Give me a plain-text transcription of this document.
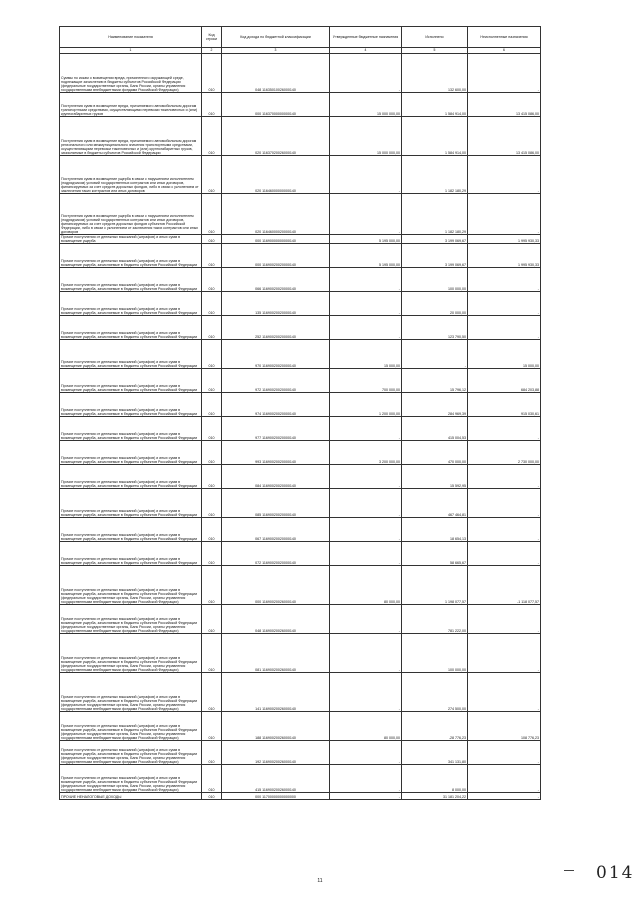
Наименование показателя	Код строки	Код дохода по бюджетной классификации	Утвержденные бюджетные назначения	Исполнено	Неисполненные назначения
1	2	3	4	5	6
Суммы по искам о возмещении вреда, причиненного окружающей среде, подлежащие зачислению в бюджеты субъектов Российской Федерации (федеральные государственные органы, Банк России, органы управления государственными внебюджетными фондами Российской Федерации)	010	048 11635010026000140	-	132 600,00	-
Поступления сумм в возмещение вреда, причиняемого автомобильным дорогам транспортными средствами, осуществляющими перевозки тяжеловесных и (или) крупногабаритных грузов	010	000 11637000000000140	15 000 000,00	1 584 914,00	13 415 086,00
Поступления сумм в возмещение вреда, причиняемого автомобильным дорогам регионального или межмуниципального значения транспортными средствами, осуществляющими перевозки тяжеловесных и (или) крупногабаритных грузов, зачисляемые в бюджеты субъектов Российской Федерации	010	020 11637020026000140	15 000 000,00	1 584 914,00	13 415 086,00
Поступления сумм в возмещение ущерба в связи с нарушением исполнителем (подрядчиком) условий государственных контрактов или иных договоров, финансируемых за счет средств дорожных фондов, либо в связи с уклонением от заключения таких контрактов или иных договоров	010	020 11646000000000140	-	1 182 180,29	-
Поступления сумм в возмещение ущерба в связи с нарушением исполнителем (подрядчиком) условий государственных контрактов или иных договоров, финансируемых за счет средств дорожных фондов субъектов Российской Федерации, либо в связи с уклонением от заключения таких контрактов или иных договоров	010	020 11646000020000140	-	1 182 180,29	-
Прочие поступления от денежных взысканий (штрафов) и иных сумм в возмещение ущерба	010	000 11690000000000140	5 195 000,00	3 199 069,67	1 995 930,33
Прочие поступления от денежных взысканий (штрафов) и иных сумм в возмещение ущерба, зачисляемые в бюджеты субъектов Российской Федерации	010	000 11690020020000140	5 195 000,00	3 199 069,67	1 995 930,33
Прочие поступления от денежных взысканий (штрафов) и иных сумм в возмещение ущерба, зачисляемые в бюджеты субъектов Российской Федерации	010	066 11690020020000140	-	100 000,00	-
Прочие поступления от денежных взысканий (штрафов) и иных сумм в возмещение ущерба, зачисляемые в бюджеты субъектов Российской Федерации	010	135 11690020020000140	-	20 000,00	-
Прочие поступления от денежных взысканий (штрафов) и иных сумм в возмещение ущерба, зачисляемые в бюджеты субъектов Российской Федерации	010	252 11690020020000140	-	123 790,50	-
Прочие поступления от денежных взысканий (штрафов) и иных сумм в возмещение ущерба, зачисляемые в бюджеты субъектов Российской Федерации	010	970 11690020020000140	15 000,00	-	15 000,00
Прочие поступления от денежных взысканий (штрафов) и иных сумм в возмещение ущерба, зачисляемые в бюджеты субъектов Российской Федерации	010	972 11690020020000140	700 000,00	15 796,12	684 203,88
Прочие поступления от денежных взысканий (штрафов) и иных сумм в возмещение ущерба, зачисляемые в бюджеты субъектов Российской Федерации	010	974 11690020020000140	1 200 000,00	284 969,39	915 030,61
Прочие поступления от денежных взысканий (штрафов) и иных сумм в возмещение ущерба, зачисляемые в бюджеты субъектов Российской Федерации	010	977 11690020020000140	-	415 004,53	-
Прочие поступления от денежных взысканий (штрафов) и иных сумм в возмещение ущерба, зачисляемые в бюджеты субъектов Российской Федерации	010	993 11690020020000140	3 200 000,00	470 000,00	2 730 000,00
Прочие поступления от денежных взысканий (штрафов) и иных сумм в возмещение ущерба, зачисляемые в бюджеты субъектов Российской Федерации	010	084 11690020020000140	-	15 592,95	-
Прочие поступления от денежных взысканий (штрафов) и иных сумм в возмещение ущерба, зачисляемые в бюджеты субъектов Российской Федерации	010	085 11690020020000140	-	467 464,81	-
Прочие поступления от денежных взысканий (штрафов) и иных сумм в возмещение ущерба, зачисляемые в бюджеты субъектов Российской Федерации	010	067 11690020020000140	-	18 654,13	-
Прочие поступления от денежных взысканий (штрафов) и иных сумм в возмещение ущерба, зачисляемые в бюджеты субъектов Российской Федерации	010	072 11690020020000140	-	58 665,67	-
Прочие поступления от денежных взысканий (штрафов) и иных сумм в возмещение ущерба, зачисляемые в бюджеты субъектов Российской Федерации (федеральные государственные органы, Банк России, органы управления государственными внебюджетными фондами Российской Федерации)	010	000 11690020026000140	80 000,00	1 198 077,57	-1 118 077,57
Прочие поступления от денежных взысканий (штрафов) и иных сумм в возмещение ущерба, зачисляемые в бюджеты субъектов Российской Федерации (федеральные государственные органы, Банк России, органы управления государственными внебюджетными фондами Российской Федерации)	010	048 11690020026000140	-	781 222,00	-
Прочие поступления от денежных взысканий (штрафов) и иных сумм в возмещение ущерба, зачисляемые в бюджеты субъектов Российской Федерации (федеральные государственные органы, Банк России, органы управления государственными внебюджетными фондами Российской Федерации)	010	081 11690020026000140	-	100 000,00	-
Прочие поступления от денежных взысканий (штрафов) и иных сумм в возмещение ущерба, зачисляемые в бюджеты субъектов Российской Федерации (федеральные государственные органы, Банк России, органы управления государственными внебюджетными фондами Российской Федерации)	010	141 11690020026000140	-	274 500,00	-
Прочие поступления от денежных взысканий (штрафов) и иных сумм в возмещение ущерба, зачисляемые в бюджеты субъектов Российской Федерации (федеральные государственные органы, Банк России, органы управления государственными внебюджетными фондами Российской Федерации)	010	188 11690020026000140	80 000,00	-28 776,23	108 776,23
Прочие поступления от денежных взысканий (штрафов) и иных сумм в возмещение ущерба, зачисляемые в бюджеты субъектов Российской Федерации (федеральные государственные органы, Банк России, органы управления государственными внебюджетными фондами Российской Федерации)	010	192 11690020026000140	-	341 131,80	-
Прочие поступления от денежных взысканий (штрафов) и иных сумм в возмещение ущерба, зачисляемые в бюджеты субъектов Российской Федерации (федеральные государственные органы, Банк России, органы управления государственными внебюджетными фондами Российской Федерации)	010	415 11690020026000140	-	8 000,00	-
ПРОЧИЕ НЕНАЛОГОВЫЕ ДОХОДЫ	010	000 11700000000000000	-	31 181 204,22	-
11	014
